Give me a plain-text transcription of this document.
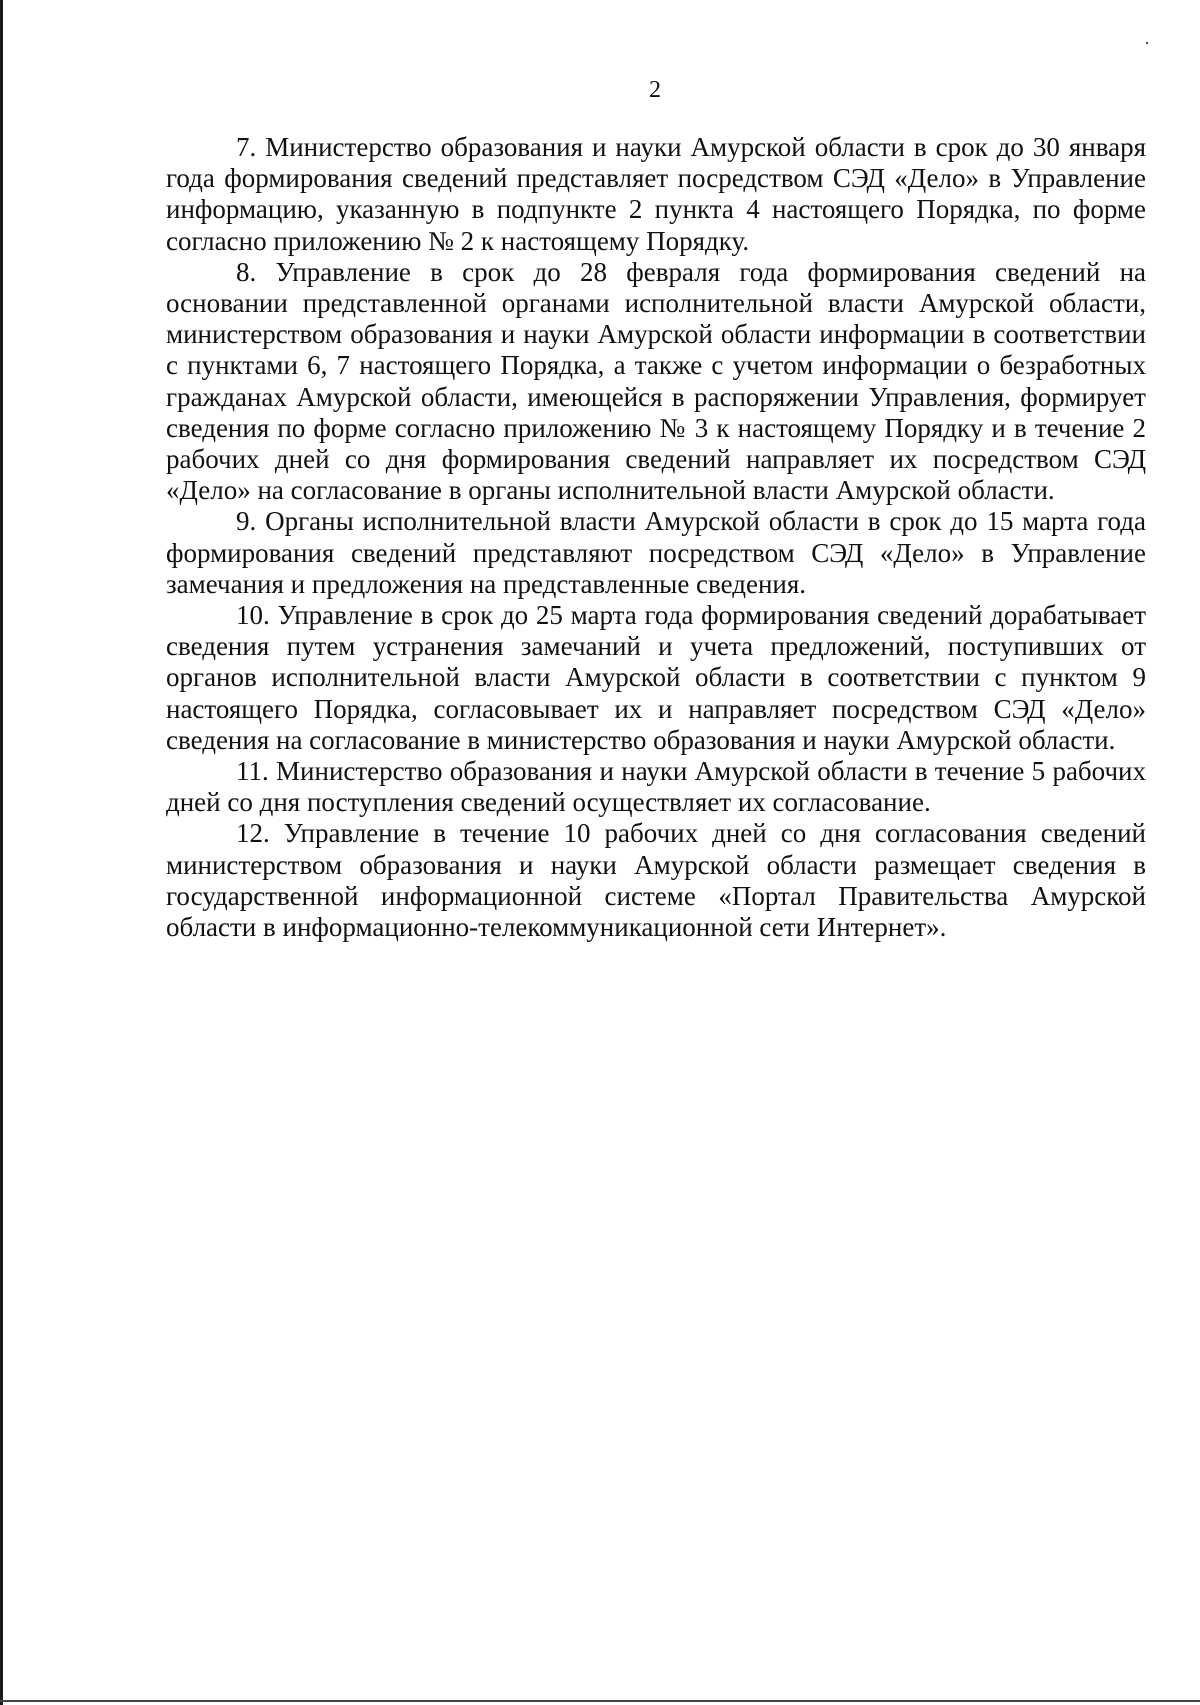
2

7. Министерство образования и науки Амурской области в срок до 30 января года формирования сведений представляет посредством СЭД «Дело» в Управление информацию, указанную в подпункте 2 пункта 4 настоящего Порядка, по форме согласно приложению № 2 к настоящему Порядку.

8. Управление в срок до 28 февраля года формирования сведений на основании представленной органами исполнительной власти Амурской области, министерством образования и науки Амурской области информации в соответствии с пунктами 6, 7 настоящего Порядка, а также с учетом информации о безработных гражданах Амурской области, имеющейся в распоряжении Управления, формирует сведения по форме согласно приложению № 3 к настоящему Порядку и в течение 2 рабочих дней со дня формирования сведений направляет их посредством СЭД «Дело» на согласование в органы исполнительной власти Амурской области.

9. Органы исполнительной власти Амурской области в срок до 15 марта года формирования сведений представляют посредством СЭД «Дело» в Управление замечания и предложения на представленные сведения.

10. Управление в срок до 25 марта года формирования сведений дорабатывает сведения путем устранения замечаний и учета предложений, поступивших от органов исполнительной власти Амурской области в соответствии с пунктом 9 настоящего Порядка, согласовывает их и направляет посредством СЭД «Дело» сведения на согласование в министерство образования и науки Амурской области.

11. Министерство образования и науки Амурской области в течение 5 рабочих дней со дня поступления сведений осуществляет их согласование.

12. Управление в течение 10 рабочих дней со дня согласования сведений министерством образования и науки Амурской области размещает сведения в государственной информационной системе «Портал Правительства Амурской области в информационно-телекоммуникационной сети Интернет».
